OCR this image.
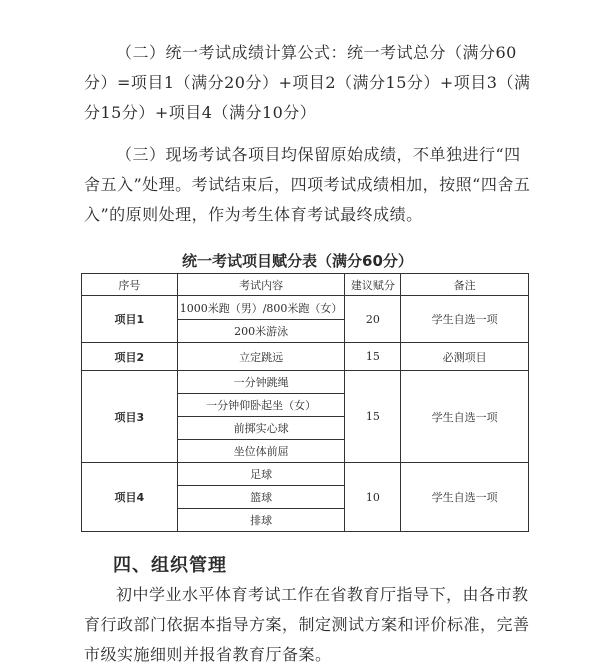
（二）统一考试成绩计算公式：统一考试总分（满分60分）=项目1（满分20分）+项目2（满分15分）+项目3（满分15分）+项目4（满分10分）

（三）现场考试各项目均保留原始成绩，不单独进行“四舍五入”处理。考试结束后，四项考试成绩相加，按照“四舍五入”的原则处理，作为考生体育考试最终成绩。

统一考试项目赋分表（满分60分）
序号	考试内容	建议赋分	备注
项目1	1000米跑（男）/800米跑（女）	20	学生自选一项
	200米游泳		
项目2	立定跳远	15	必测项目
项目3	一分钟跳绳	15	学生自选一项
	一分钟仰卧起坐（女）		
	前掷实心球		
	坐位体前屈		
项目4	足球	10	学生自选一项
	篮球		
	排球		
四、组织管理

初中学业水平体育考试工作在省教育厅指导下，由各市教育行政部门依据本指导方案，制定测试方案和评价标准，完善市级实施细则并报省教育厅备案。
